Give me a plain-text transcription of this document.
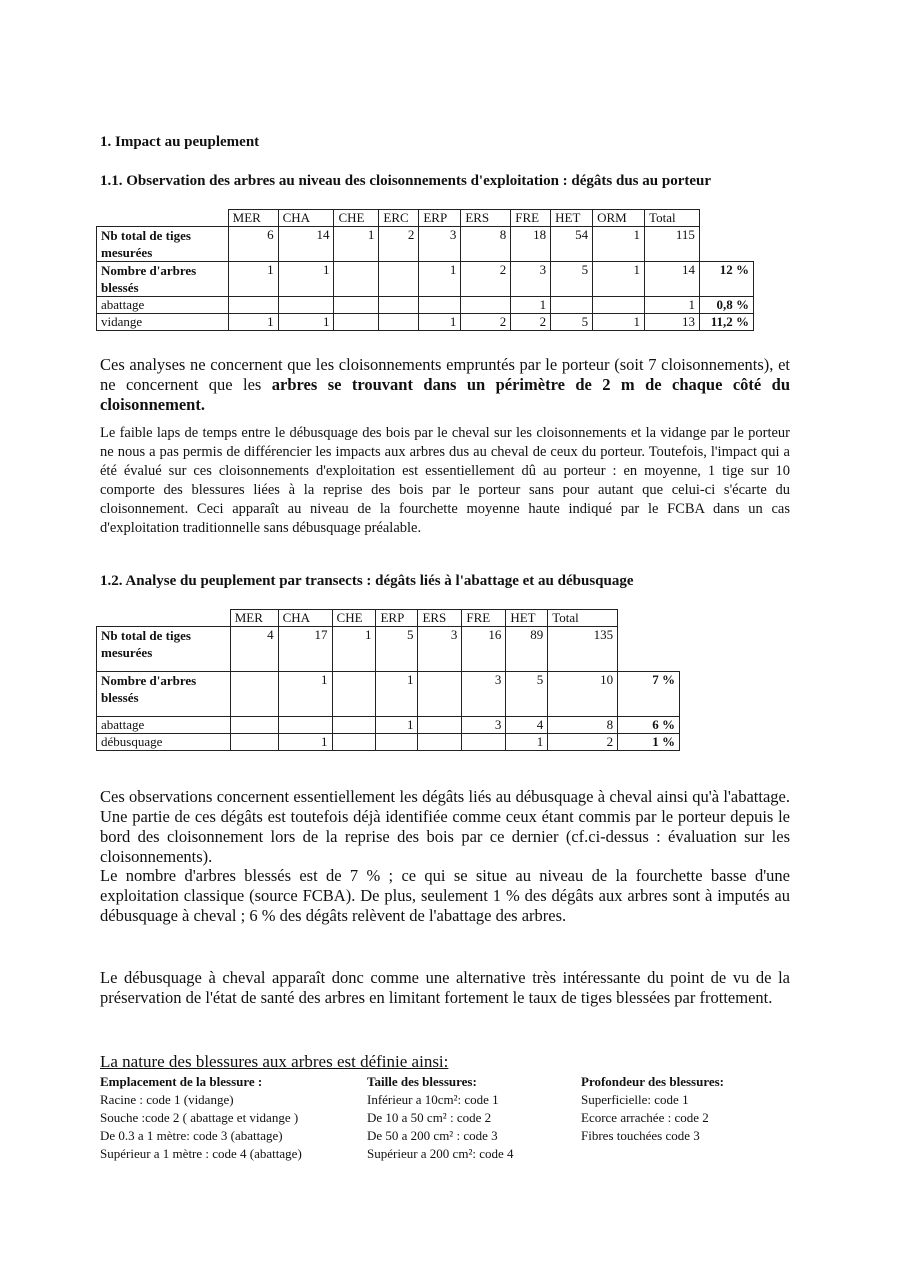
1. Impact au peuplement
1.1. Observation des arbres au niveau des cloisonnements d'exploitation : dégâts dus au porteur
	MER	CHA	CHE	ERC	ERP	ERS	FRE	HET	ORM	Total	
Nb total de tiges mesurées	6	14	1	2	3	8	18	54	1	115	
Nombre d'arbres blessés	1	1			1	2	3	5	1	14	12 %
abattage							1			1	0,8 %
vidange	1	1			1	2	2	5	1	13	11,2 %
Ces analyses ne concernent que les cloisonnements empruntés par le porteur (soit 7 cloisonnements), et ne concernent que les arbres se trouvant dans un périmètre de 2 m de chaque côté du cloisonnement.
Le faible laps de temps entre le débusquage des bois par le cheval sur les cloisonnements et la vidange par le porteur ne nous a pas permis de différencier les impacts aux arbres dus au cheval de ceux du porteur. Toutefois, l'impact qui a été évalué sur ces cloisonnements d'exploitation est essentiellement dû au porteur : en moyenne, 1 tige sur 10 comporte des blessures liées à la reprise des bois par le porteur sans pour autant que celui-ci s'écarte du cloisonnement. Ceci apparaît au niveau de la fourchette moyenne haute indiqué par le FCBA dans un cas d'exploitation traditionnelle sans débusquage préalable.
1.2. Analyse du peuplement par transects : dégâts liés à l'abattage et au débusquage
	MER	CHA	CHE	ERP	ERS	FRE	HET	Total	
Nb total de tiges mesurées	4	17	1	5	3	16	89	135	
Nombre d'arbres blessés		1		1		3	5	10	7 %
abattage				1		3	4	8	6 %
débusquage		1					1	2	1 %
Ces observations concernent essentiellement les dégâts liés au débusquage à cheval ainsi qu'à l'abattage. Une partie de ces dégâts est toutefois déjà identifiée comme ceux étant commis par le porteur depuis le bord des cloisonnement lors de la reprise des bois par ce dernier (cf.ci-dessus : évaluation sur les cloisonnements).
Le nombre d'arbres blessés est de 7 % ; ce qui se situe au niveau de la fourchette basse d'une exploitation classique (source FCBA). De plus, seulement 1 % des dégâts aux arbres sont à imputés au débusquage à cheval ; 6 % des dégâts relèvent de l'abattage des arbres.
Le débusquage à cheval apparaît donc comme une alternative très intéressante du point de vu de la préservation de l'état de santé des arbres en limitant fortement le taux de tiges blessées par frottement.
La nature des blessures aux arbres est définie ainsi:
Emplacement de la blessure :
Racine : code 1 (vidange)
Souche :code 2 ( abattage et vidange )
De 0.3 a 1 mètre: code 3 (abattage)
Supérieur a 1 mètre : code 4 (abattage)
Taille des blessures:
Inférieur a 10cm²: code 1
De 10 a 50 cm² : code 2
De 50 a 200 cm² : code 3
Supérieur a 200 cm²: code 4
Profondeur des blessures:
Superficielle: code 1
Ecorce arrachée : code 2
Fibres touchées code 3
